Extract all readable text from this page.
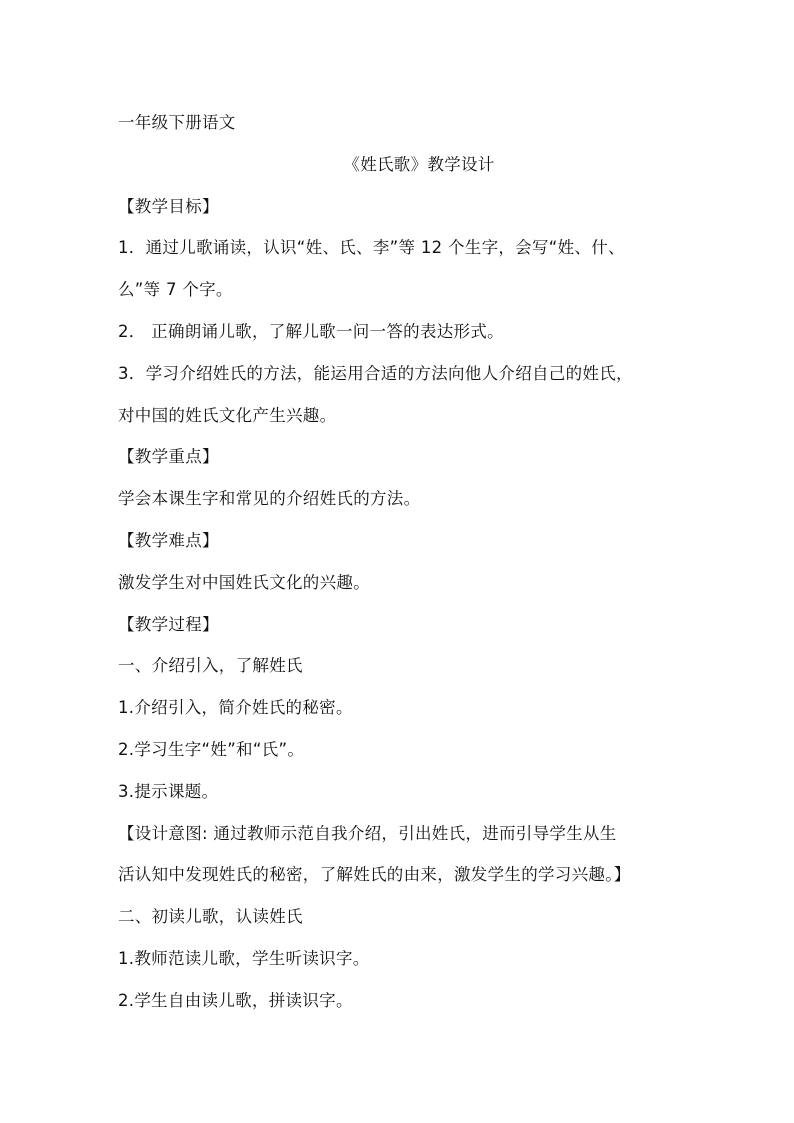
一年级下册语文
《姓氏歌》教学设计
【教学目标】
1．通过儿歌诵读，认识“姓、氏、李”等 12 个生字，会写“姓、什、
么”等 7 个字。
2． 正确朗诵儿歌，了解儿歌一问一答的表达形式。
3．学习介绍姓氏的方法，能运用合适的方法向他人介绍自己的姓氏，
对中国的姓氏文化产生兴趣。
【教学重点】
学会本课生字和常见的介绍姓氏的方法。
【教学难点】
激发学生对中国姓氏文化的兴趣。
【教学过程】
一、介绍引入，了解姓氏
1.介绍引入，简介姓氏的秘密。
2.学习生字“姓”和“氏”。
3.提示课题。
【设计意图: 通过教师示范自我介绍，引出姓氏，进而引导学生从生
活认知中发现姓氏的秘密，了解姓氏的由来，激发学生的学习兴趣。】
二、初读儿歌，认读姓氏
1.教师范读儿歌，学生听读识字。
2.学生自由读儿歌，拼读识字。
